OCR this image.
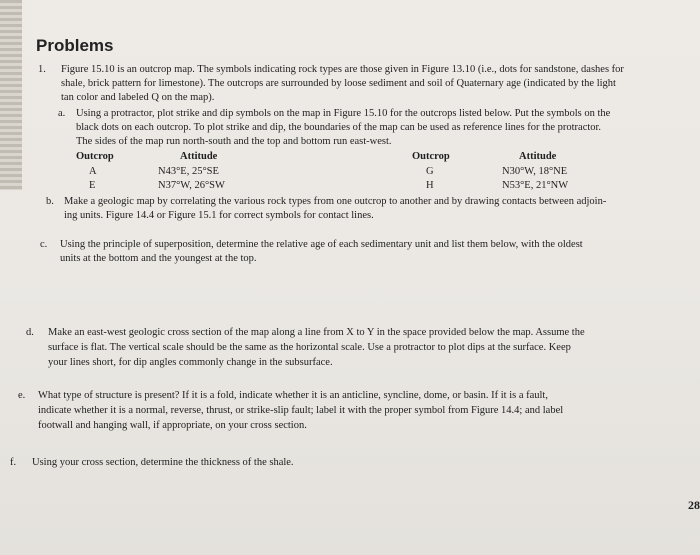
Problems
1. Figure 15.10 is an outcrop map. The symbols indicating rock types are those given in Figure 13.10 (i.e., dots for sandstone, dashes for
shale, brick pattern for limestone). The outcrops are surrounded by loose sediment and soil of Quaternary age (indicated by the light
tan color and labeled Q on the map).
a. Using a protractor, plot strike and dip symbols on the map in Figure 15.10 for the outcrops listed below. Put the symbols on the
black dots on each outcrop. To plot strike and dip, the boundaries of the map can be used as reference lines for the protractor.
The sides of the map run north-south and the top and bottom run east-west.
Outcrop	Attitude	Outcrop	Attitude
A	N43°E, 25°SE	G	N30°W, 18°NE
E	N37°W, 26°SW	H	N53°E, 21°NW
b. Make a geologic map by correlating the various rock types from one outcrop to another and by drawing contacts between adjoin-
ing units. Figure 14.4 or Figure 15.1 for correct symbols for contact lines.
c. Using the principle of superposition, determine the relative age of each sedimentary unit and list them below, with the oldest
units at the bottom and the youngest at the top.
d. Make an east-west geologic cross section of the map along a line from X to Y in the space provided below the map. Assume the
surface is flat. The vertical scale should be the same as the horizontal scale. Use a protractor to plot dips at the surface. Keep
your lines short, for dip angles commonly change in the subsurface.
e. What type of structure is present? If it is a fold, indicate whether it is an anticline, syncline, dome, or basin. If it is a fault,
indicate whether it is a normal, reverse, thrust, or strike-slip fault; label it with the proper symbol from Figure 14.4; and label
footwall and hanging wall, if appropriate, on your cross section.
f. Using your cross section, determine the thickness of the shale.
28
